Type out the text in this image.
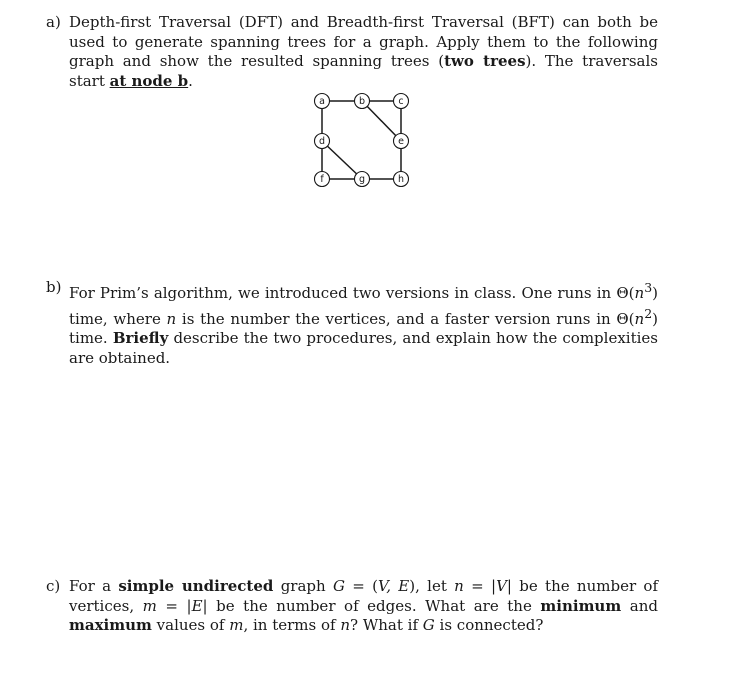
a) Depth-first Traversal (DFT) and Breadth-first Traversal (BFT) can both be used to generate spanning trees for a graph. Apply them to the following graph and show the resulted spanning trees (two trees). The traversals start at node b.
a	b	c
d	e
f	g	h
b) For Prim’s algorithm, we introduced two versions in class. One runs in $\Theta(n^3)$ time, where n is the number the vertices, and a faster version runs in $\Theta(n^2)$ time. Briefly describe the two procedures, and explain how the complexities are obtained.
c) For a simple undirected graph G = (V, E), let n = |V| be the number of vertices, m = |E| be the number of edges. What are the minimum and maximum values of m, in terms of n? What if G is connected?
